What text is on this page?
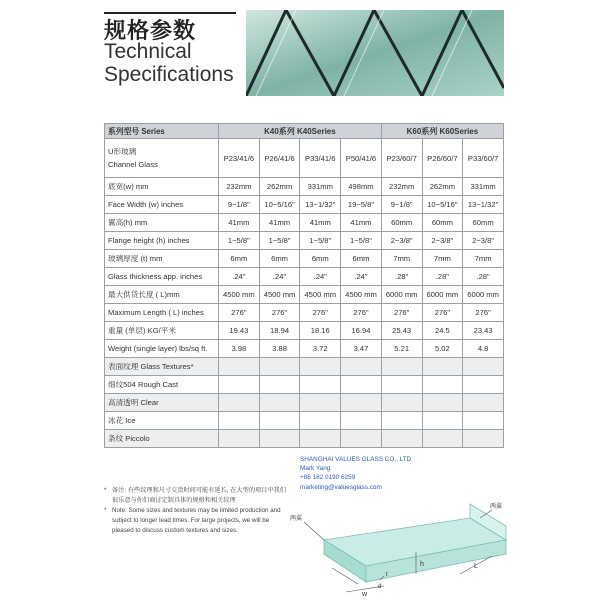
规格参数
Technical
Specifications
系列型号 Series	K40系列 K40Series				K60系列 K60Series		

U形玻璃
Channel Glass	P23/41/6	P26/41/6	P33/41/6	P50/41/6	P23/60/7	P26/60/7	P33/60/7
底宽(w) mm	232mm	262mm	331mm	498mm	232mm	262mm	331mm
Face Width (w) inches	9−1/8"	10−5/16"	13−1/32"	19−5/8"	9−1/8"	10−5/16"	13−1/32"
翼高(h) mm	41mm	41mm	41mm	41mm	60mm	60mm	60mm
Flange height (h) inches	1−5/8"	1−5/8"	1−5/8"	1−5/8"	2−3/8"	2−3/8"	2−3/8"
玻璃厚度 (t) mm	6mm	6mm	6mm	6mm	7mm	7mm	7mm
Glass thickness app. inches	.24"	.24"	.24"	.24"	.28"	.28"	.28"
最大供货长度 ( L)mm	4500 mm	4500 mm	4500 mm	4500 mm	6000 mm	6000 mm	6000 mm
Maximum Length ( L) inches	276"	276"	276"	276"	276"	276"	276"
重量 (单层) KG/平米	19.43	18.94	18.16	16.94	25.43	24.5	23.43
Weight (single layer) lbs/sq ft.	3.98	3.88	3.72	3.47	5.21	5.02	4.8
表面纹理 Glass Textures*							
细纹504 Rough Cast							
高清透明 Clear							
冰花 Ice							
条纹 Piccolo							
SHANGHAI VALUES GLASS CO., LTD
Mark Yang
+86 182 0190 6259
marketing@valuesglass.com
* 备注: 有些纹理和尺寸交货时间可能有延长, 在大型的项目中我们很乐意与你们商讨定制具体的规格和相关纹理
* Note: Some sizes and textures may be limited production and subject to longer lead times. For large projects, we will be pleased to discuss custom textures and sizes.
两翼
两翼
L
h
t
w
d
